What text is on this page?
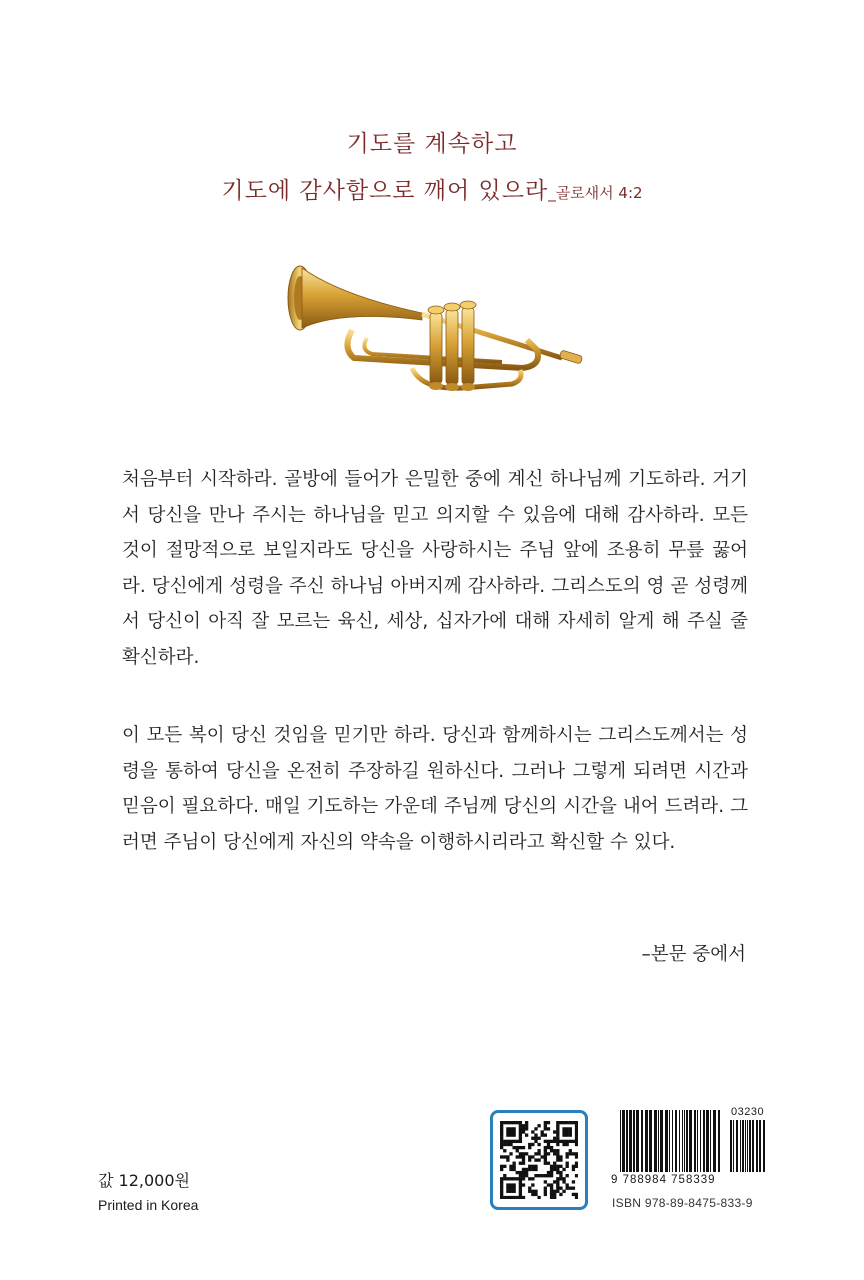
기도를 계속하고
기도에 감사함으로 깨어 있으라_골로새서 4:2

처음부터 시작하라. 골방에 들어가 은밀한 중에 계신 하나님께 기도하라. 거기서 당신을 만나 주시는 하나님을 믿고 의지할 수 있음에 대해 감사하라. 모든 것이 절망적으로 보일지라도 당신을 사랑하시는 주님 앞에 조용히 무릎 꿇어라. 당신에게 성령을 주신 하나님 아버지께 감사하라. 그리스도의 영 곧 성령께서 당신이 아직 잘 모르는 육신, 세상, 십자가에 대해 자세히 알게 해 주실 줄 확신하라.

이 모든 복이 당신 것임을 믿기만 하라. 당신과 함께하시는 그리스도께서는 성령을 통하여 당신을 온전히 주장하길 원하신다. 그러나 그렇게 되려면 시간과 믿음이 필요하다. 매일 기도하는 가운데 주님께 당신의 시간을 내어 드려라. 그러면 주님이 당신에게 자신의 약속을 이행하시리라고 확신할 수 있다.

–본문 중에서
값 12,000원
Printed in Korea
03230
9 788984 758339
ISBN 978-89-8475-833-9
